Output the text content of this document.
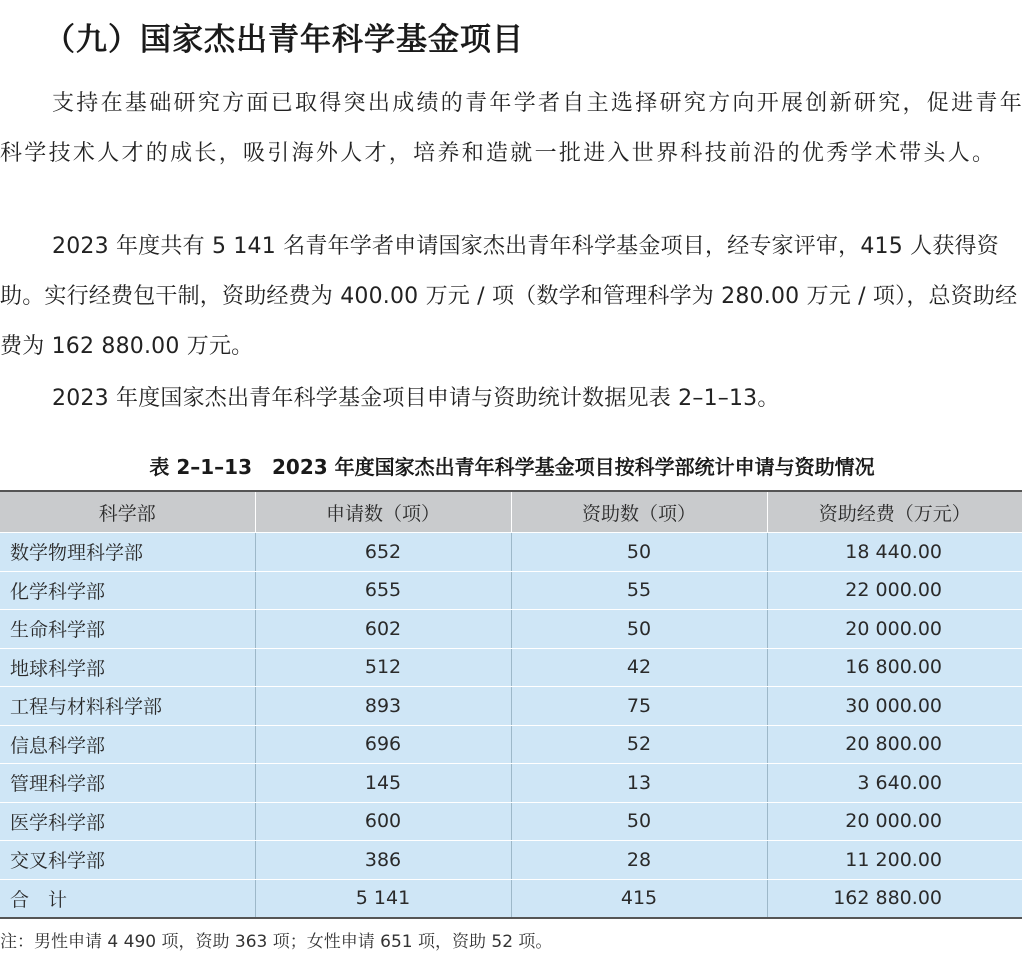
（九）国家杰出青年科学基金项目

支持在基础研究方面已取得突出成绩的青年学者自主选择研究方向开展创新研究，促进青年科学技术人才的成长，吸引海外人才，培养和造就一批进入世界科技前沿的优秀学术带头人。

2023 年度共有 5 141 名青年学者申请国家杰出青年科学基金项目，经专家评审，415 人获得资助。实行经费包干制，资助经费为 400.00 万元 / 项（数学和管理科学为 280.00 万元 / 项），总资助经费为 162 880.00 万元。

2023 年度国家杰出青年科学基金项目申请与资助统计数据见表 2–1–13。

表 2–1–13　2023 年度国家杰出青年科学基金项目按科学部统计申请与资助情况
科学部	申请数（项）	资助数（项）	资助经费（万元）
数学物理科学部	652	50	18 440.00
化学科学部	655	55	22 000.00
生命科学部	602	50	20 000.00
地球科学部	512	42	16 800.00
工程与材料科学部	893	75	30 000.00
信息科学部	696	52	20 800.00
管理科学部	145	13	3 640.00
医学科学部	600	50	20 000.00
交叉科学部	386	28	11 200.00
合　计	5 141	415	162 880.00
注：男性申请 4 490 项，资助 363 项；女性申请 651 项，资助 52 项。
